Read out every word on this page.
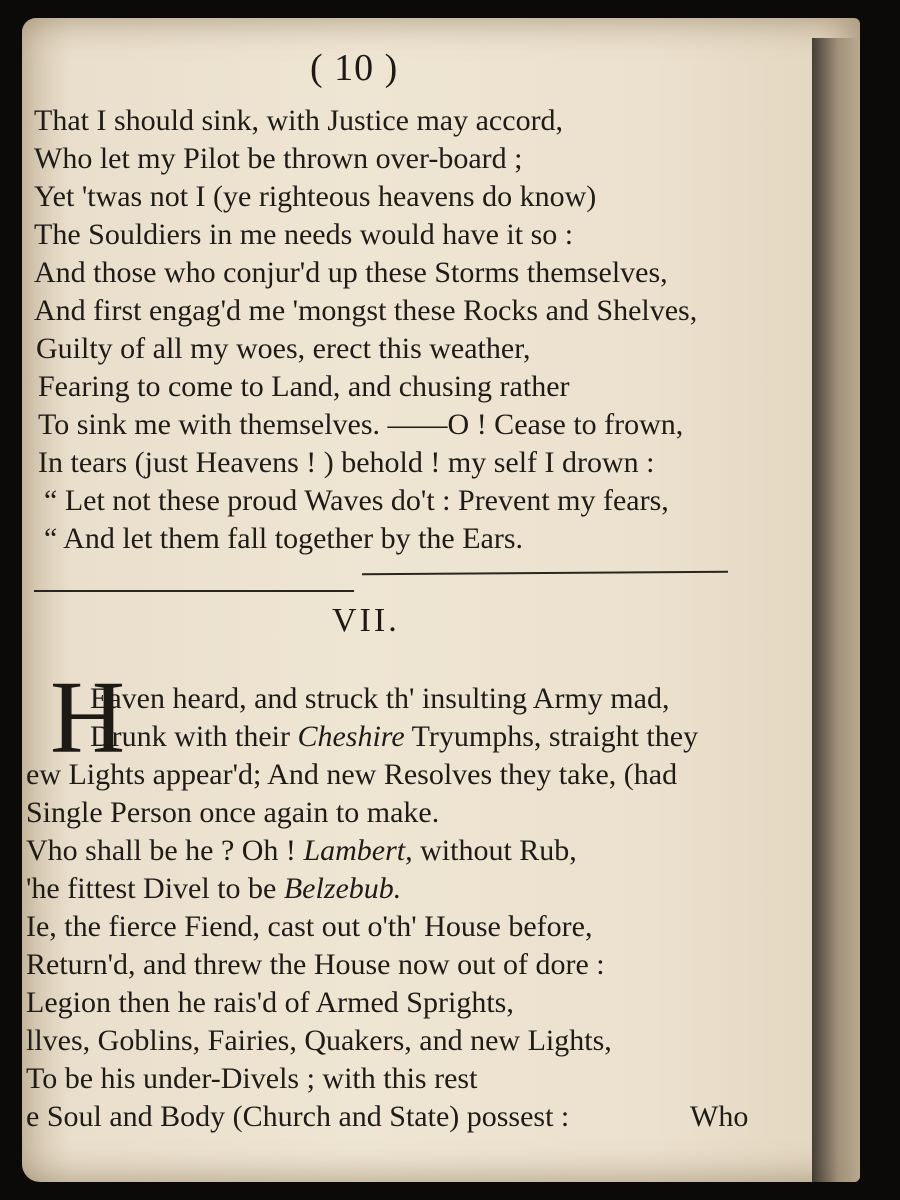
( 10 )
That I should sink, with Justice may accord,
Who let my Pilot be thrown over-board ;
Yet 'twas not I (ye righteous heavens do know)
The Souldiers in me needs would have it so :
And those who conjur'd up these Storms themselves,
And first engag'd me 'mongst these Rocks and Shelves,
Guilty of all my woes, erect this weather,
Fearing to come to Land, and chusing rather
To sink me with themselves. ——O ! Cease to frown,
In tears (just Heavens ! ) behold ! my self I drown :
“ Let not these proud Waves do't : Prevent my fears,
“ And let them fall together by the Ears.
VII.
H
Eaven heard, and struck th' insulting Army mad,
Drunk with their Cheshire Tryumphs, straight they
ew Lights appear'd; And new Resolves they take, (had
Single Person once again to make.
Vho shall be he ? Oh ! Lambert, without Rub,
'he fittest Divel to be Belzebub.
Ie, the fierce Fiend, cast out o'th' House before,
Return'd, and threw the House now out of dore :
Legion then he rais'd of Armed Sprights,
llves, Goblins, Fairies, Quakers, and new Lights,
To be his under-Divels ; with this rest
e Soul and Body (Church and State) possest :	Who
